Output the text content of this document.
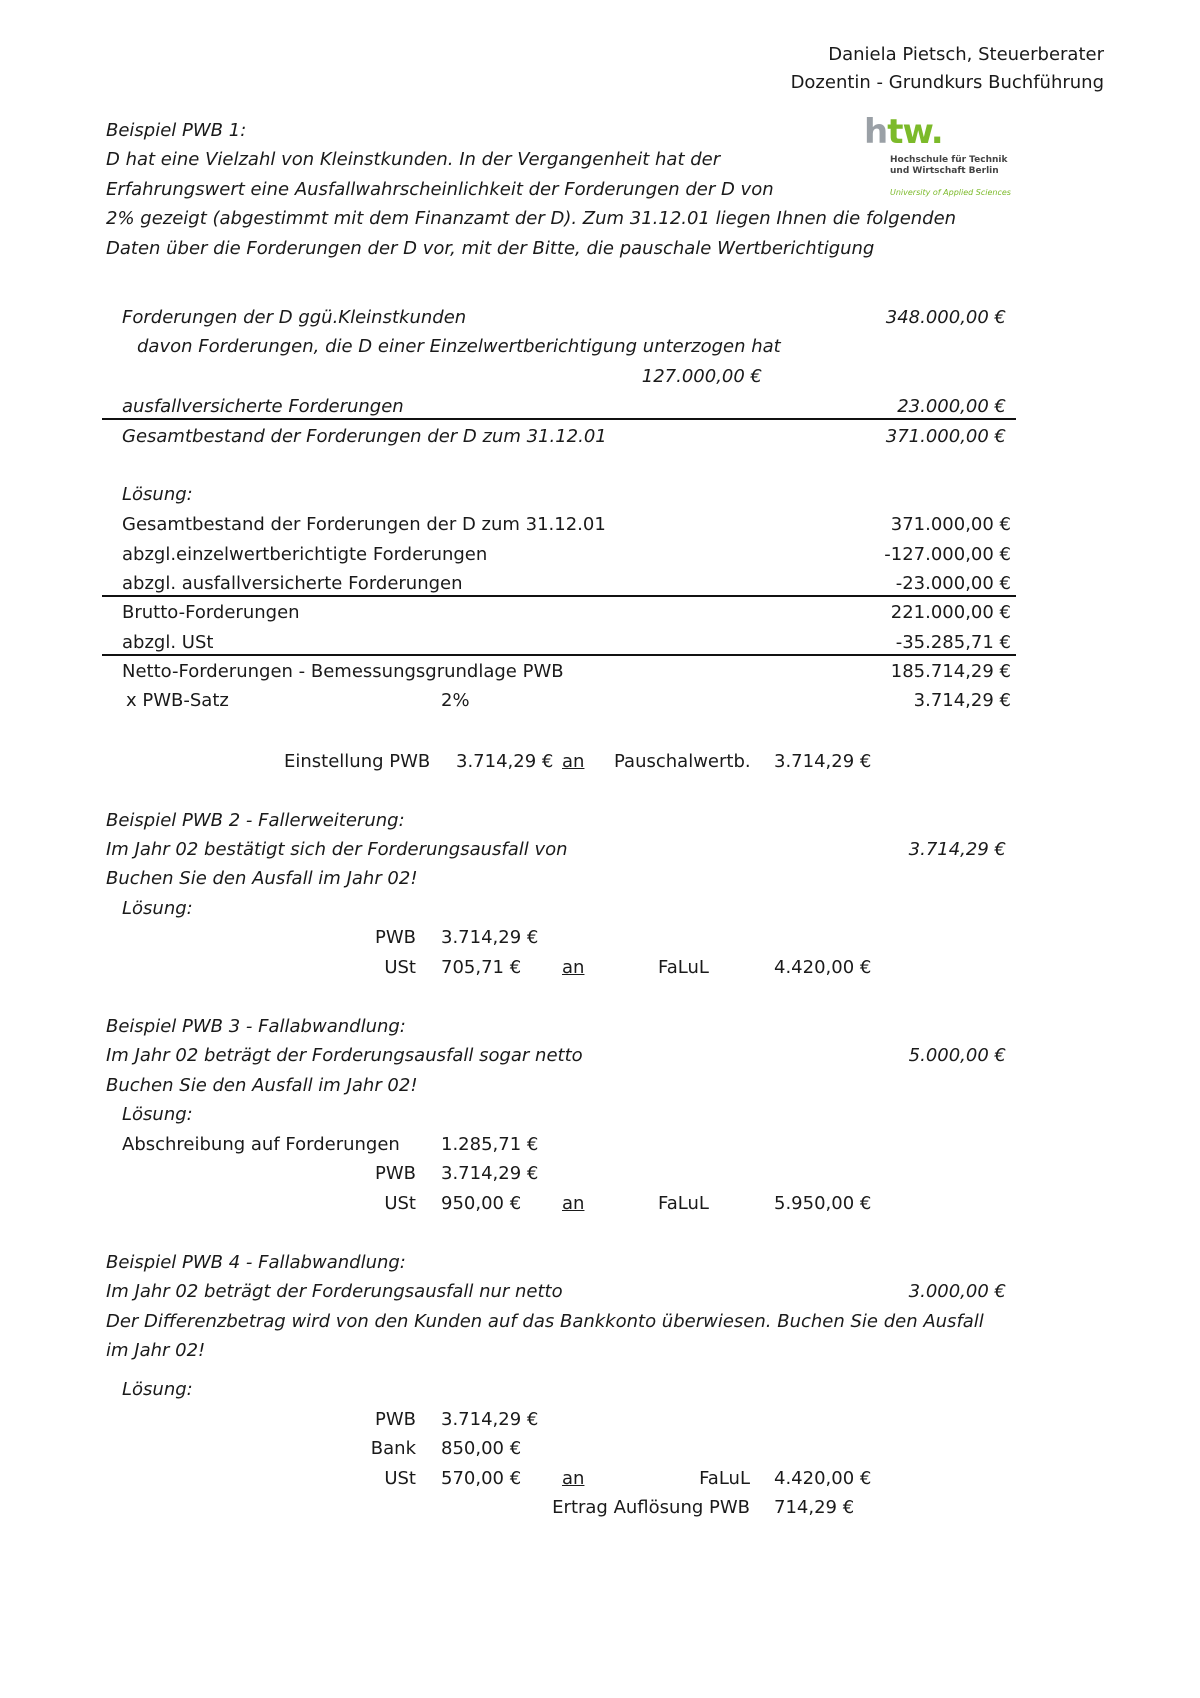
Daniela Pietsch, Steuerberater
Dozentin - Grundkurs Buchführung
htw.
Hochschule für Technik
und Wirtschaft Berlin
University of Applied Sciences
Beispiel PWB 1:
D hat eine Vielzahl von Kleinstkunden. In der Vergangenheit hat der
Erfahrungswert eine Ausfallwahrscheinlichkeit der Forderungen der D von
2% gezeigt (abgestimmt mit dem Finanzamt der D). Zum 31.12.01 liegen Ihnen die folgenden
Daten über die Forderungen der D vor, mit der Bitte, die pauschale Wertberichtigung
Forderungen der D ggü.Kleinstkunden	348.000,00 €
davon Forderungen, die D einer Einzelwertberichtigung unterzogen hat
127.000,00 €
ausfallversicherte Forderungen	23.000,00 €
Gesamtbestand der Forderungen der D zum 31.12.01	371.000,00 €
Lösung:
Gesamtbestand der Forderungen der D zum 31.12.01	371.000,00 €
abzgl.einzelwertberichtigte Forderungen	-127.000,00 €
abzgl. ausfallversicherte Forderungen	-23.000,00 €
Brutto-Forderungen	221.000,00 €
abzgl. USt	-35.285,71 €
Netto-Forderungen - Bemessungsgrundlage PWB	185.714,29 €
x PWB-Satz	2%	3.714,29 €
Einstellung PWB 3.714,29 € an Pauschalwertb. 3.714,29 €
Beispiel PWB 2 - Fallerweiterung:
Im Jahr 02 bestätigt sich der Forderungsausfall von	3.714,29 €
Buchen Sie den Ausfall im Jahr 02!
Lösung:
PWB 3.714,29 €
USt 705,71 € an	FaLuL	4.420,00 €
Beispiel PWB 3 - Fallabwandlung:
Im Jahr 02 beträgt der Forderungsausfall sogar netto	5.000,00 €
Buchen Sie den Ausfall im Jahr 02!
Lösung:
Abschreibung auf Forderungen 1.285,71 €
PWB 3.714,29 €
USt 950,00 € an	FaLuL	5.950,00 €
Beispiel PWB 4 - Fallabwandlung:
Im Jahr 02 beträgt der Forderungsausfall nur netto	3.000,00 €
Der Differenzbetrag wird von den Kunden auf das Bankkonto überwiesen. Buchen Sie den Ausfall
im Jahr 02!
Lösung:
PWB 3.714,29 €
Bank 850,00 €
USt 570,00 € an	FaLuL 4.420,00 €
Ertrag Auflösung PWB 714,29 €
